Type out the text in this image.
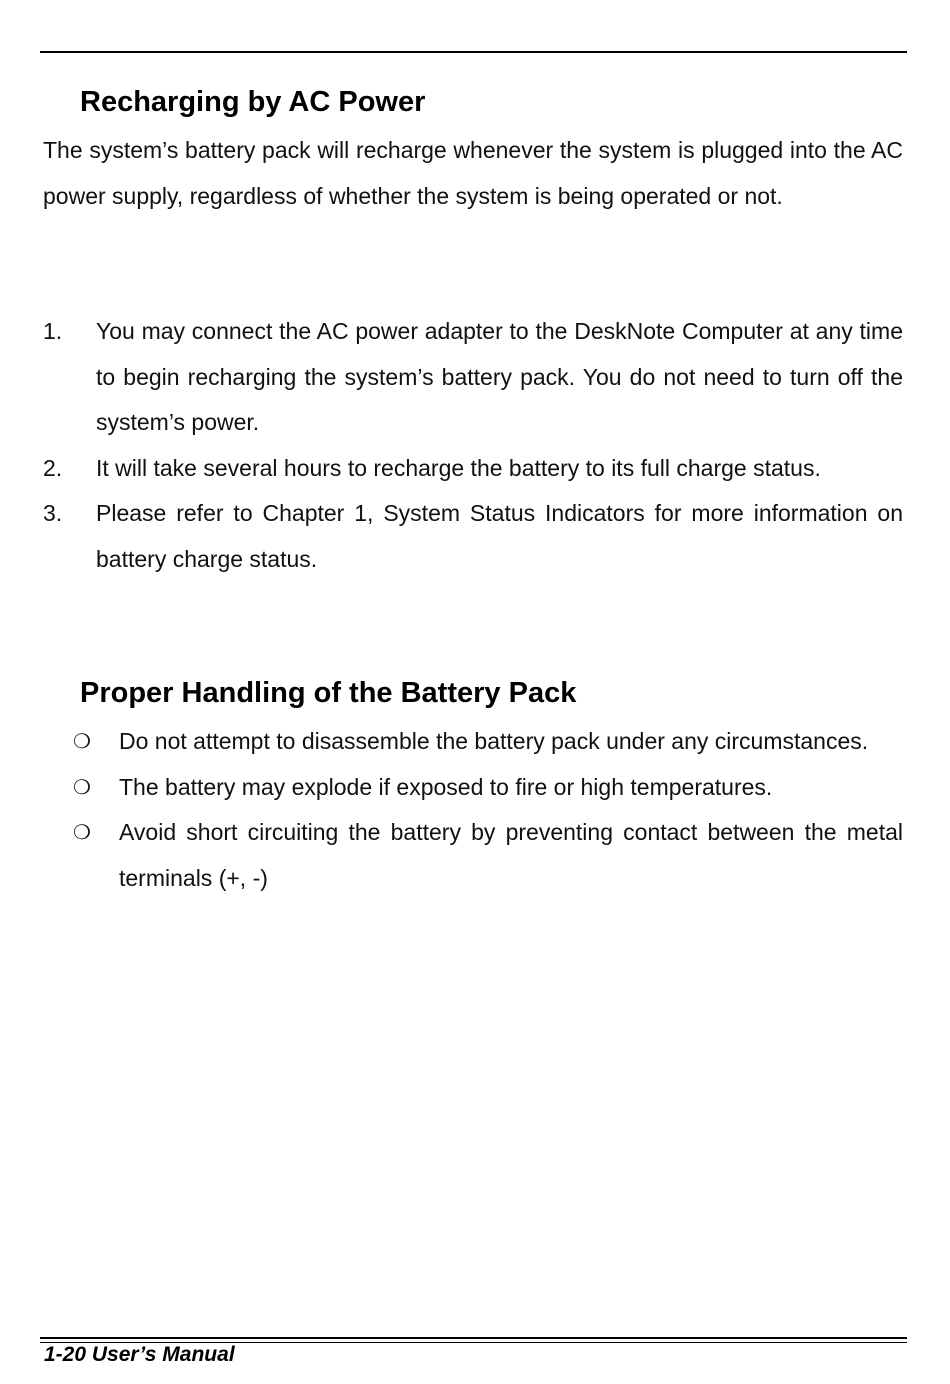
Recharging by AC Power

The system’s battery pack will recharge whenever the system is plugged into the AC power supply, regardless of whether the system is being operated or not.

1. You may connect the AC power adapter to the DeskNote Computer at any time to begin recharging the system’s battery pack. You do not need to turn off the system’s power.
2. It will take several hours to recharge the battery to its full charge status.
3. Please refer to Chapter 1, System Status Indicators for more information on battery charge status.
Proper Handling of the Battery Pack
❍ Do not attempt to disassemble the battery pack under any circumstances.
❍ The battery may explode if exposed to fire or high temperatures.
❍ Avoid short circuiting the battery by preventing contact between the metal terminals (+, -)
1-20 User’s Manual
